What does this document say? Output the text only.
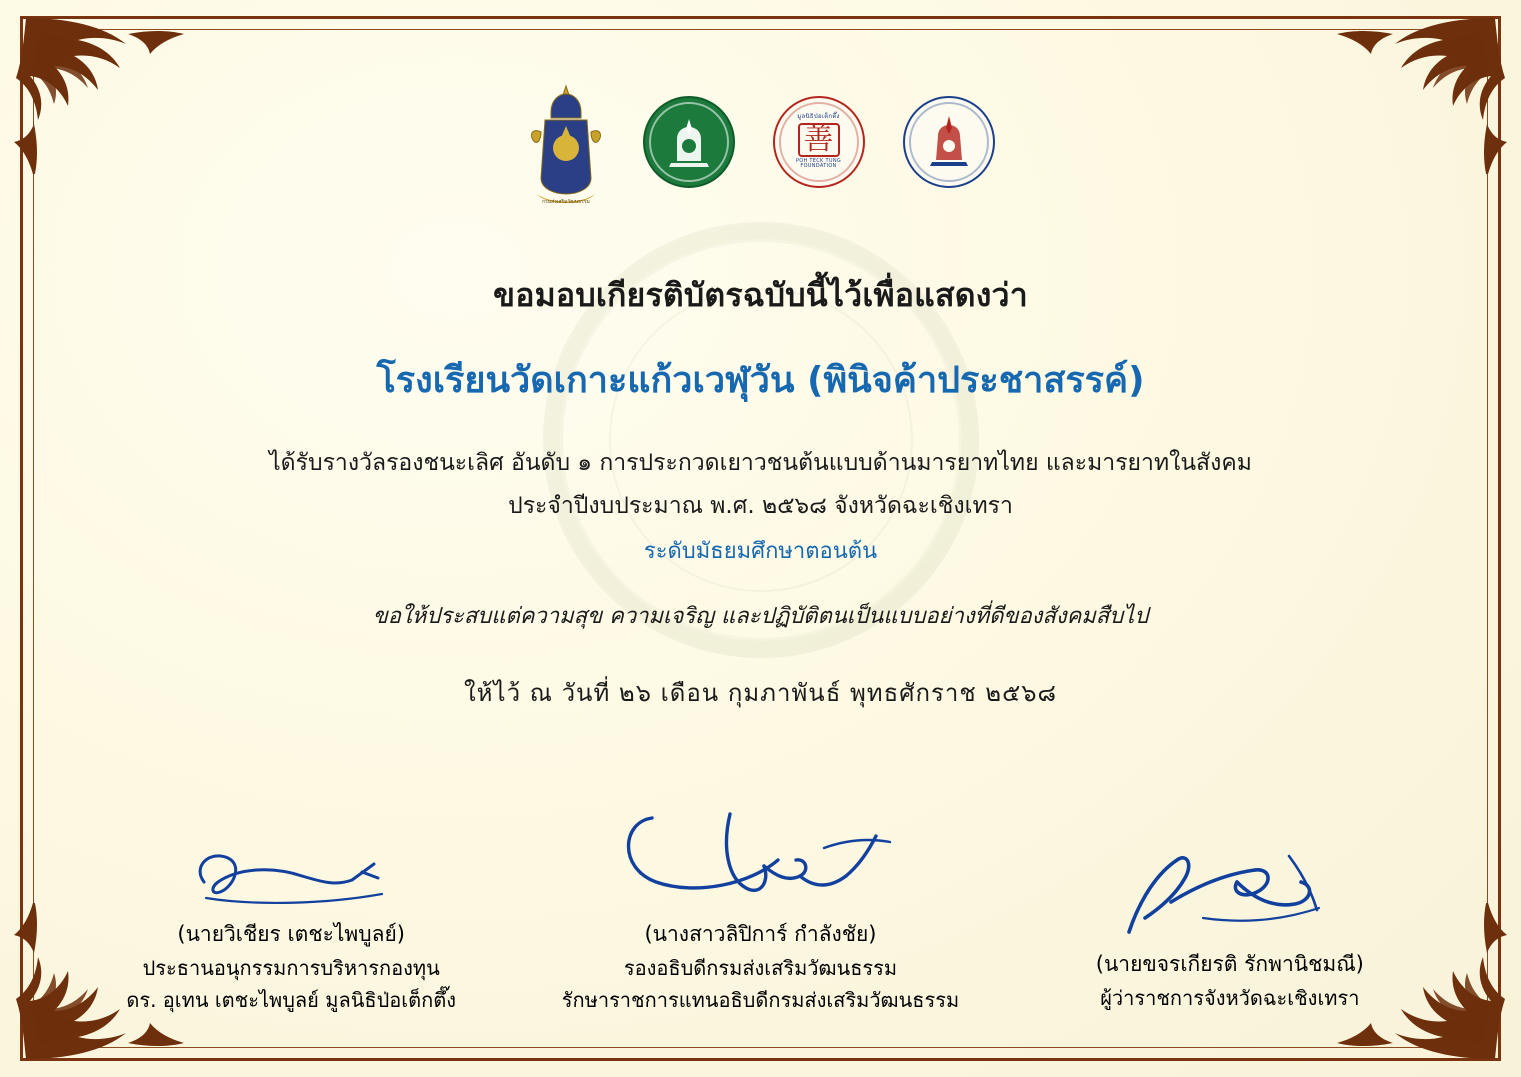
กรมส่งเสริมวัฒนธรรม
มูลนิธิป่อเต็กตึ๊ง
善
POH TECK TUNG FOUNDATION
ขอมอบเกียรติบัตรฉบับนี้ไว้เพื่อแสดงว่า
โรงเรียนวัดเกาะแก้วเวฬุวัน (พินิจค้าประชาสรรค์)
ได้รับรางวัลรองชนะเลิศ อันดับ ๑ การประกวดเยาวชนต้นแบบด้านมารยาทไทย และมารยาทในสังคม
ประจำปีงบประมาณ พ.ศ. ๒๕๖๘ จังหวัดฉะเชิงเทรา
ระดับมัธยมศึกษาตอนต้น
ขอให้ประสบแต่ความสุข ความเจริญ และปฏิบัติตนเป็นแบบอย่างที่ดีของสังคมสืบไป
ให้ไว้ ณ วันที่ ๒๖ เดือน กุมภาพันธ์ พุทธศักราช ๒๕๖๘
(นายวิเชียร เตชะไพบูลย์)
ประธานอนุกรรมการบริหารกองทุน
ดร. อุเทน เตชะไพบูลย์ มูลนิธิป่อเต็กตึ๊ง
(นางสาวลิปิการ์ กำลังชัย)
รองอธิบดีกรมส่งเสริมวัฒนธรรม
รักษาราชการแทนอธิบดีกรมส่งเสริมวัฒนธรรม
(นายขจรเกียรติ รักพานิชมณี)
ผู้ว่าราชการจังหวัดฉะเชิงเทรา
